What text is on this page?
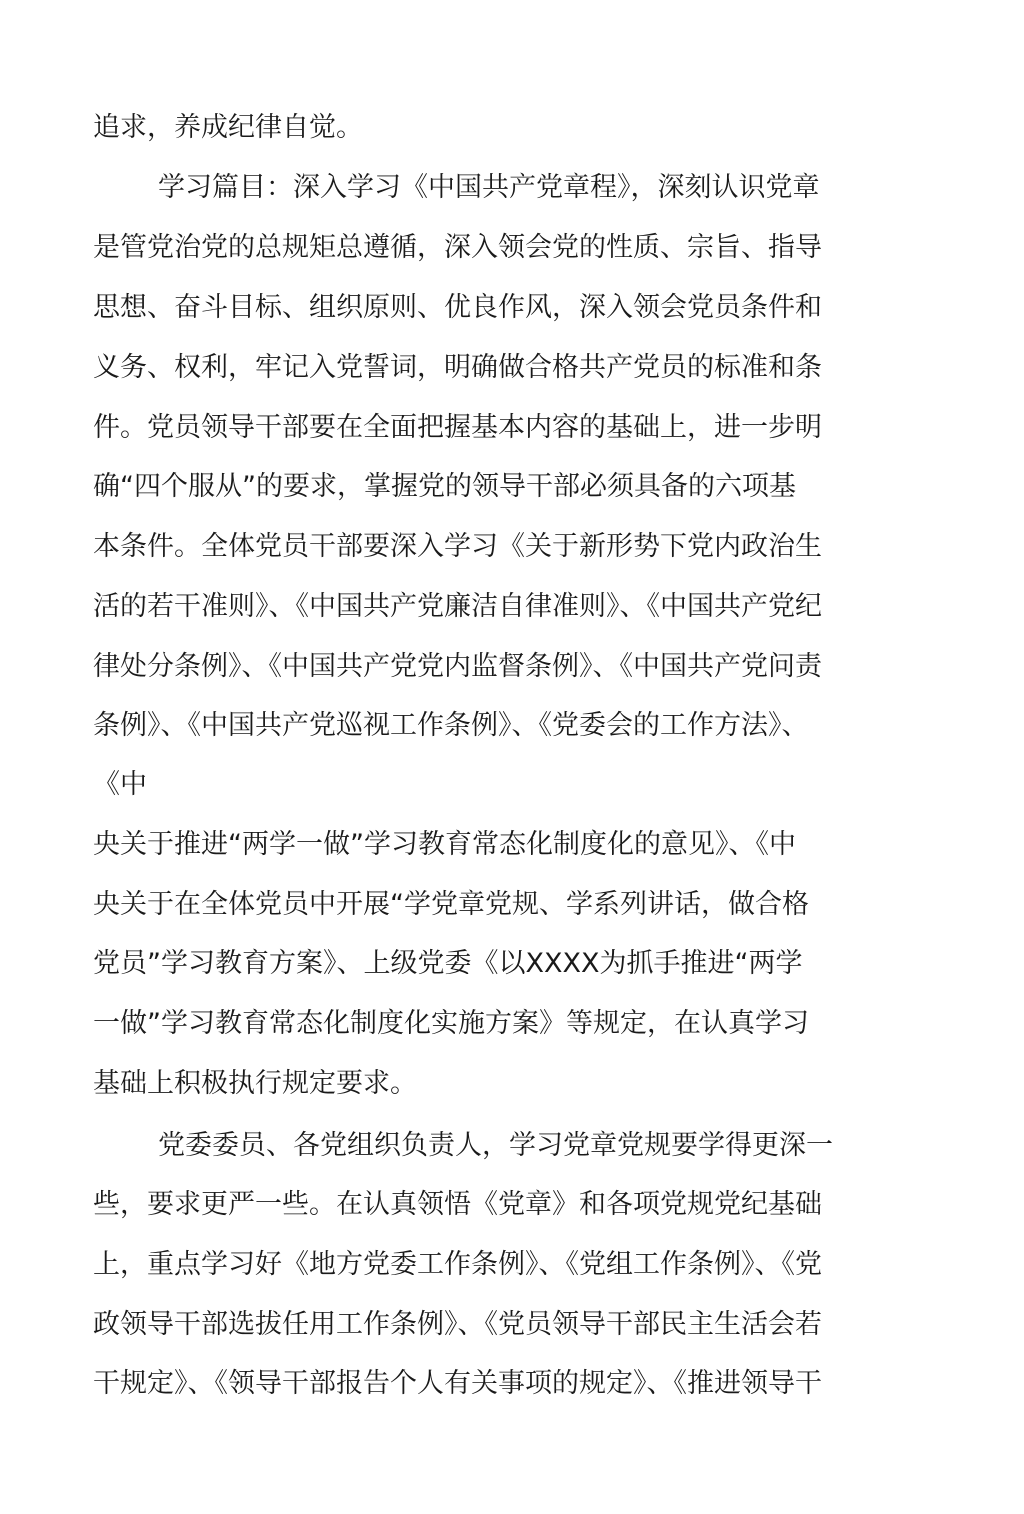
追求，养成纪律自觉。

学习篇目：深入学习《中国共产党章程》，深刻认识党章

是管党治党的总规矩总遵循，深入领会党的性质、宗旨、指导

思想、奋斗目标、组织原则、优良作风，深入领会党员条件和

义务、权利，牢记入党誓词，明确做合格共产党员的标准和条

件。党员领导干部要在全面把握基本内容的基础上，进一步明

确“四个服从”的要求，掌握党的领导干部必须具备的六项基

本条件。全体党员干部要深入学习《关于新形势下党内政治生

活的若干准则》、《中国共产党廉洁自律准则》、《中国共产党纪

律处分条例》、《中国共产党党内监督条例》、《中国共产党问责

条例》、《中国共产党巡视工作条例》、《党委会的工作方法》、

《中

央关于推进“两学一做”学习教育常态化制度化的意见》、《中

央关于在全体党员中开展“学党章党规、学系列讲话，做合格

党员”学习教育方案》、上级党委《以XXXX为抓手推进“两学

一做”学习教育常态化制度化实施方案》等规定，在认真学习

基础上积极执行规定要求。

党委委员、各党组织负责人，学习党章党规要学得更深一

些，要求更严一些。在认真领悟《党章》和各项党规党纪基础

上，重点学习好《地方党委工作条例》、《党组工作条例》、《党

政领导干部选拔任用工作条例》、《党员领导干部民主生活会若

干规定》、《领导干部报告个人有关事项的规定》、《推进领导干
